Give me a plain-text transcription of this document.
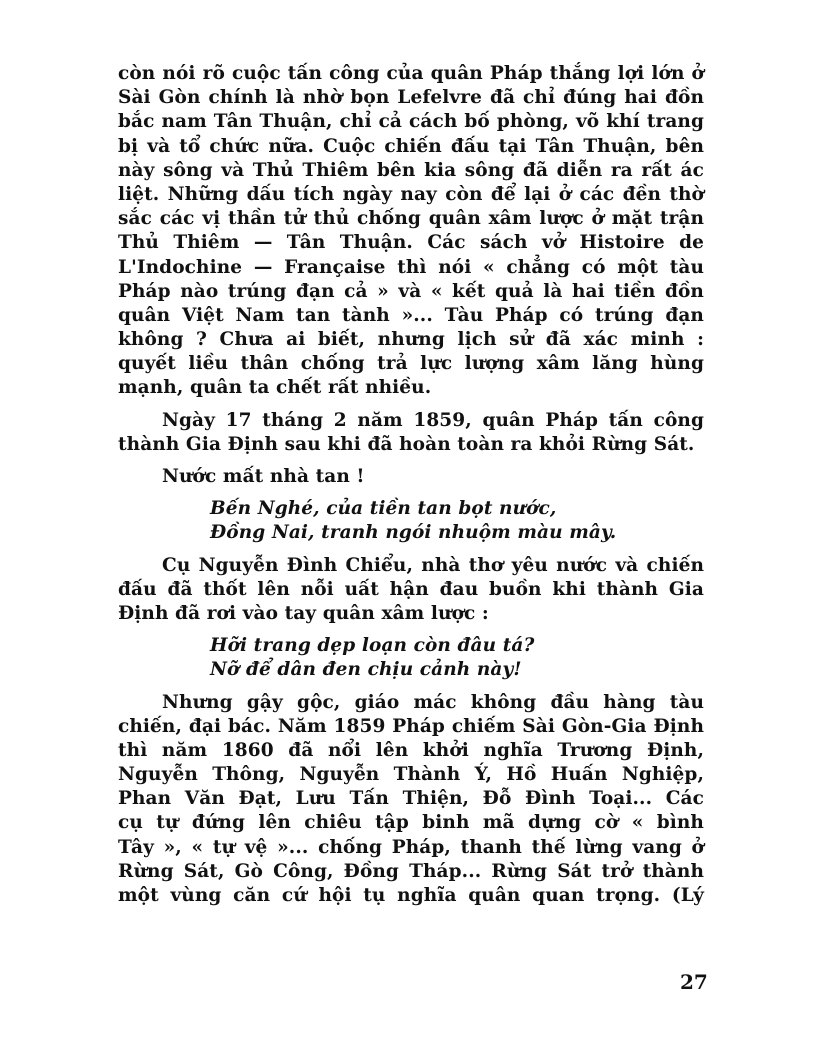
còn nói rõ cuộc tấn công của quân Pháp thắng lợi lớn ở
Sài Gòn chính là nhờ bọn Lefelvre đã chỉ đúng hai đồn
bắc nam Tân Thuận, chỉ cả cách bố phòng, võ khí trang
bị và tổ chức nữa. Cuộc chiến đấu tại Tân Thuận, bên
này sông và Thủ Thiêm bên kia sông đã diễn ra rất ác
liệt. Những dấu tích ngày nay còn để lại ở các đền thờ
sắc các vị thần tử thủ chống quân xâm lược ở mặt trận
Thủ Thiêm — Tân Thuận. Các sách vở Histoire de
L'Indochine — Française thì nói « chẳng có một tàu
Pháp nào trúng đạn cả » và « kết quả là hai tiền đồn
quân Việt Nam tan tành »... Tàu Pháp có trúng đạn
không ? Chưa ai biết, nhưng lịch sử đã xác minh :
quyết liều thân chống trả lực lượng xâm lăng hùng
mạnh, quân ta chết rất nhiều.
Ngày 17 tháng 2 năm 1859, quân Pháp tấn công
thành Gia Định sau khi đã hoàn toàn ra khỏi Rừng Sát.
Nước mất nhà tan !
Bến Nghé, của tiền tan bọt nước,
Đồng Nai, tranh ngói nhuộm màu mây.
Cụ Nguyễn Đình Chiểu, nhà thơ yêu nước và chiến
đấu đã thốt lên nỗi uất hận đau buồn khi thành Gia
Định đã rơi vào tay quân xâm lược :
Hỡi trang dẹp loạn còn đâu tá?
Nỡ để dân đen chịu cảnh này!
Nhưng gậy gộc, giáo mác không đầu hàng tàu
chiến, đại bác. Năm 1859 Pháp chiếm Sài Gòn-Gia Định
thì năm 1860 đã nổi lên khởi nghĩa Trương Định,
Nguyễn Thông, Nguyễn Thành Ý, Hồ Huấn Nghiệp,
Phan Văn Đạt, Lưu Tấn Thiện, Đỗ Đình Toại... Các
cụ tự đứng lên chiêu tập binh mã dựng cờ « bình
Tây », « tự vệ »... chống Pháp, thanh thế lừng vang ở
Rừng Sát, Gò Công, Đồng Tháp... Rừng Sát trở thành
một vùng căn cứ hội tụ nghĩa quân quan trọng. (Lý
27
